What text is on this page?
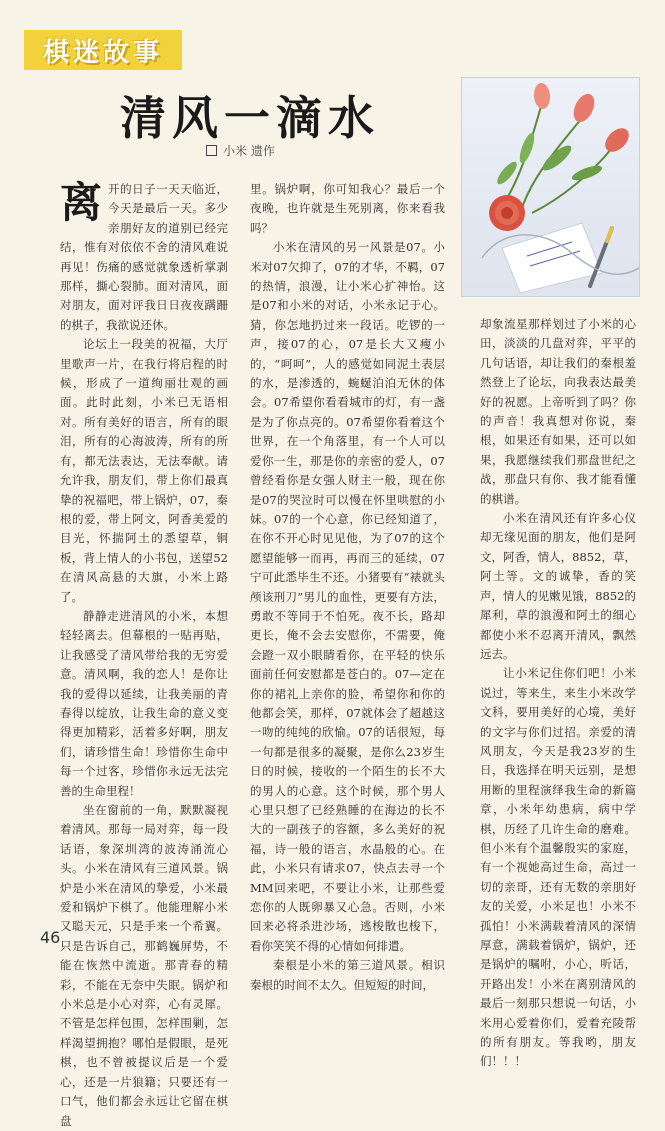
棋迷故事
清风一滴水
小米 遗作
离 开的日子一天天临近，今天是最后一天。多少亲朋好友的道别已经完结，惟有对依依不舍的清风难说再见！伤痛的感觉就象透析掌剥那样，撕心裂肺。面对清风，面对朋友，面对评我日日夜夜蹒跚的棋子，我欲说还休。

论坛上一段美的祝福，大厅里歌声一片，在我行将启程的时候，形成了一道绚丽壮观的画面。此时此刻，小米已无语相对。所有美好的语言，所有的眼泪，所有的心海波涛，所有的所有，都无法表达，无法奉献。请允许我，朋友们，带上你们最真挚的祝福吧，带上锅炉，07，秦根的爱，带上阿文，阿香美爱的目光，怀揣阿土的悉望草，铜板，背上情人的小书包，送望52在清风高悬的大旗，小米上路了。

静静走进清风的小米，本想轻轻离去。但幕根的一贴再贴，让我感受了清风带给我的无穷爱意。清风啊，我的恋人！是你让我的爱得以延续，让我美丽的青春得以绽放，让我生命的意义变得更加精彩，活着多好啊，朋友们，请珍惜生命！珍惜你生命中每一个过客，珍惜你永远无法完善的生命里程！

坐在窗前的一角，默默凝视着清风。那每一局对弈，每一段话语，象深圳湾的波涛涌流心头。小米在清风有三道风景。锅炉是小米在清风的挚爱，小米最爱和锅炉下棋了。他能理解小米又聪天元，只是手来一个希翼。只是告诉自己，那鹤巍屏势，不能在恢然中流逝。那青春的精彩，不能在无奈中失眠。锅炉和小米总是小心对弈，心有灵犀。不管是怎样包围，怎样围剿，怎样渴望拥抱？哪怕是假眼，是死棋，也不曾被提议后是一个爱心，还是一片狼籍；只要还有一口气，他们都会永远让它留在棋盘

里。锅炉啊，你可知我心？最后一个夜晚，也许就是生死别离，你来看我吗？

小米在清风的另一风景是07。小米对07欠抑了，07的才华，不羁，07的热情，浪漫，让小米心扩神怡。这是07和小米的对话，小米永记于心。猜，你怎地扔过来一段话。吃锣的一声，接07的心，07是长大又瘦小的，“呵呵”，人的感觉如同泥土表层的水，是渗透的，蜿蜒泊泊无休的体会。07希望你看看城市的灯，有一盏是为了你点亮的。07希望你看着这个世界，在一个角落里，有一个人可以爱你一生，那是你的亲密的爱人，07曾经看你是女强人财主一般，现在你是07的哭泣时可以慢在怀里哄慰的小妹。07的一个心意，你已经知道了，在你不开心时见见他，为了07的这个愿望能够一而再，再而三的延续，07宁可此悉毕生不还。小猪要有“裱就头颅该刑刀”男儿的血性，更要有方法，勇敢不等同于不怕死。夜不长，路却更长，俺不会去安慰你，不需要，俺会蹬一双小眼睛看你，在平轻的快乐面前任何安慰都是苍白的。07—定在你的裙礼上亲你的脸，希望你和你的他都会笑，那样，07就体会了超越这一吻的纯纯的欣愉。07的话很短，每一句都是很多的凝聚，是你么23岁生日的时候，接收的一个陌生的长不大的男人的心意。这个时候，那个男人心里只想了已经熟睡的在海边的长不大的一副孩子的容额，多么美好的祝福，诗一般的语言，水晶般的心。在此，小米只有请求07，快点去寻一个MM回来吧，不要让小米，让那些爱恋你的人既卵暴又心急。否则，小米回来必将杀进沙场，逃梭散也梭下，看你笑笑不得的心情如何排遣。

秦根是小米的第三道风景。相识秦根的时间不太久。但短短的时间，

却象流星那样划过了小米的心田，淡淡的几盘对弈，平平的几句话语，却让我们的秦根羞然登上了论坛，向我表达最美好的祝愿。上帝听到了吗？你的声音！我真想对你说，秦根，如果还有如果，还可以如果，我愿继续我们那盘世纪之战，那盘只有你、我才能看懂的棋谱。

小米在清风还有许多心仪却无缘见面的朋友，他们是阿文，阿香，情人，8852，草，阿土等。文的诚挚，香的笑声，情人的见嫩见饿，8852的犀利，草的浪漫和阿土的细心都使小米不忍离开清风，飘然远去。

让小米记住你们吧！小米说过，等来生，来生小米改学文科，要用美好的心境，美好的文字与你们过招。亲爱的清风朋友，今天是我23岁的生日，我选择在明天远别，是想用断的里程演绎我生命的新篇章，小米年幼患病，病中学棋，历经了几许生命的磨难。但小米有个温馨殷实的家庭，有一个视她高过生命，高过一切的亲哥，还有无数的亲朋好友的关爱，小米足也！小米不孤怕！小米满载着清风的深情厚意，满载着锅炉，锅炉，还是锅炉的嘱咐，小心，听话，开路出发！小米在离别清风的最后一刻那只想说一句话，小米用心爱着你们，爱着充陵帮的所有朋友。等我哟，朋友们！！！

46
